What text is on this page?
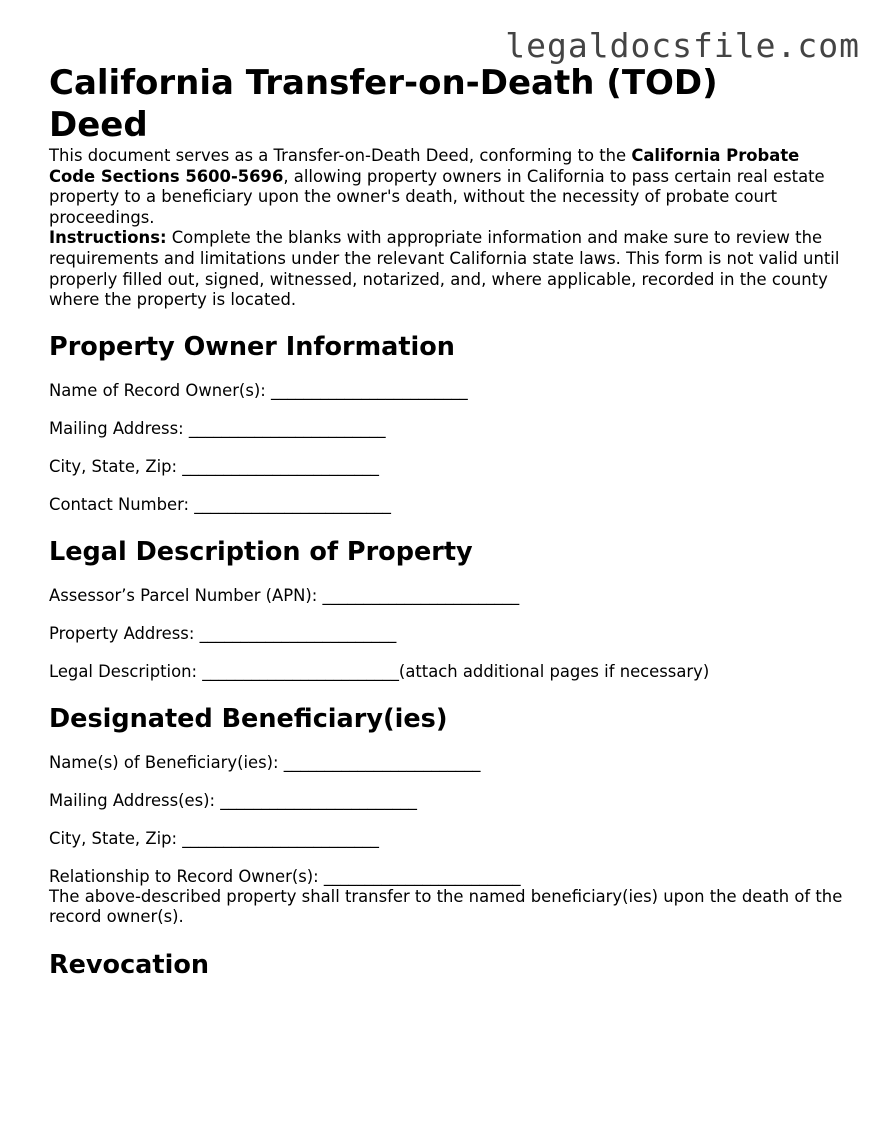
legaldocsfile.com
California Transfer-on-Death (TOD) Deed

This document serves as a Transfer-on-Death Deed, conforming to the California Probate Code Sections 5600-5696, allowing property owners in California to pass certain real estate property to a beneficiary upon the owner's death, without the necessity of probate court proceedings.

Instructions: Complete the blanks with appropriate information and make sure to review the requirements and limitations under the relevant California state laws. This form is not valid until properly filled out, signed, witnessed, notarized, and, where applicable, recorded in the county where the property is located.

Property Owner Information
Name of Record Owner(s): ________________________
Mailing Address: ________________________
City, State, Zip: ________________________
Contact Number: ________________________
Legal Description of Property
Assessor’s Parcel Number (APN): ________________________
Property Address: ________________________
Legal Description: ________________________(attach additional pages if necessary)
Designated Beneficiary(ies)
Name(s) of Beneficiary(ies): ________________________
Mailing Address(es): ________________________
City, State, Zip: ________________________
Relationship to Record Owner(s): ________________________

The above-described property shall transfer to the named beneficiary(ies) upon the death of the record owner(s).

Revocation
